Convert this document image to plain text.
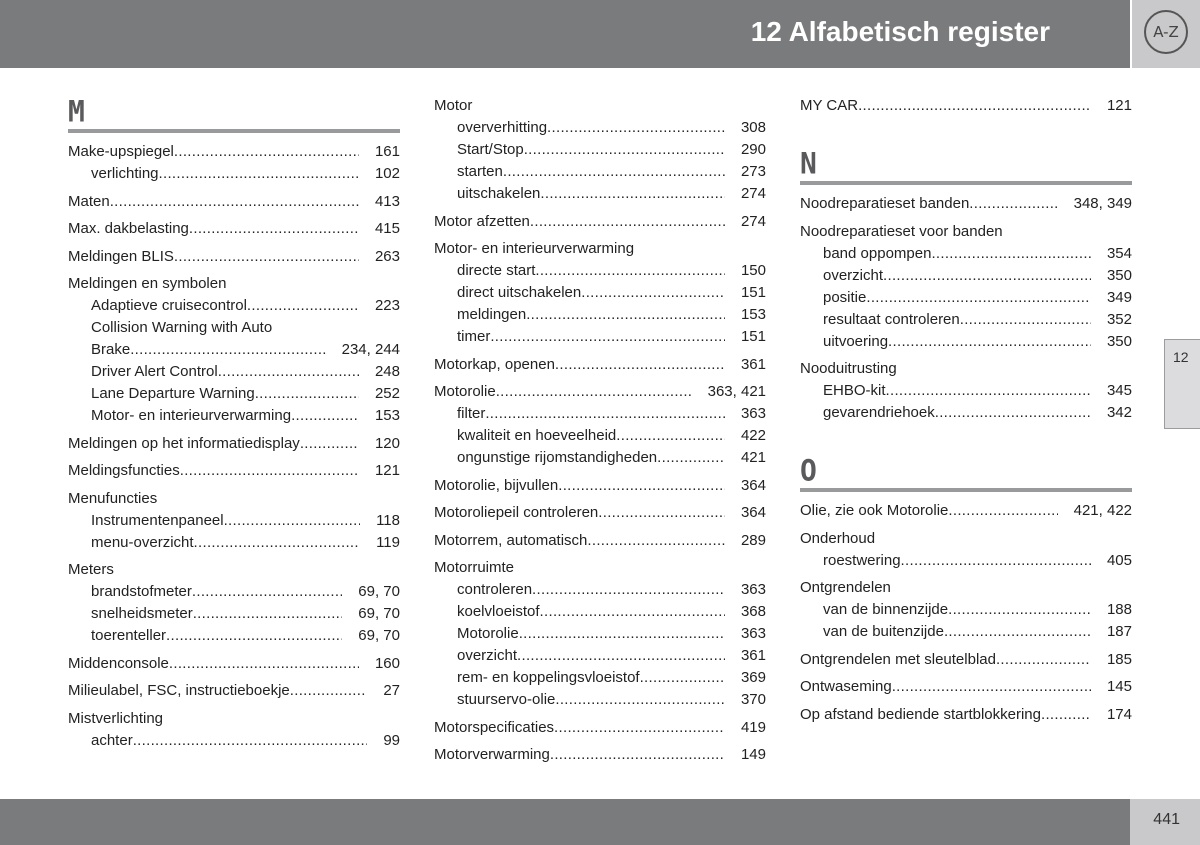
12 Alfabetisch register	A-Z
12
M
Make-upspiegel .....	161
verlichting .....	102
Maten .....	413
Max. dakbelasting .....	415
Meldingen BLIS .....	263
Meldingen en symbolen
Adaptieve cruisecontrol .....	223
Collision Warning with Auto
Brake .....	234, 244
Driver Alert Control .....	248
Lane Departure Warning .....	252
Motor- en interieurverwarming .....	153
Meldingen op het informatiedisplay .....	120
Meldingsfuncties .....	121
Menufuncties
Instrumentenpaneel .....	118
menu-overzicht .....	119
Meters
brandstofmeter .....	69, 70
snelheidsmeter .....	69, 70
toerenteller .....	69, 70
Middenconsole .....	160
Milieulabel, FSC, instructieboekje .....	27
Mistverlichting
achter .....	99
Motor
oververhitting .....	308
Start/Stop .....	290
starten .....	273
uitschakelen .....	274
Motor afzetten .....	274
Motor- en interieurverwarming
directe start .....	150
direct uitschakelen .....	151
meldingen .....	153
timer .....	151
Motorkap, openen .....	361
Motorolie .....	363, 421
filter .....	363
kwaliteit en hoeveelheid .....	422
ongunstige rijomstandigheden .....	421
Motorolie, bijvullen .....	364
Motoroliepeil controleren .....	364
Motorrem, automatisch .....	289
Motorruimte
controleren .....	363
koelvloeistof .....	368
Motorolie .....	363
overzicht .....	361
rem- en koppelingsvloeistof .....	369
stuurservo-olie .....	370
Motorspecificaties .....	419
Motorverwarming .....	149
MY CAR .....	121
N
Noodreparatieset banden .....	348, 349
Noodreparatieset voor banden
band oppompen .....	354
overzicht .....	350
positie .....	349
resultaat controleren .....	352
uitvoering .....	350
Nooduitrusting
EHBO-kit .....	345
gevarendriehoek .....	342
O
Olie, zie ook Motorolie .....	421, 422
Onderhoud
roestwering .....	405
Ontgrendelen
van de binnenzijde .....	188
van de buitenzijde .....	187
Ontgrendelen met sleutelblad .....	185
Ontwaseming .....	145
Op afstand bediende startblokkering .....	174
441
